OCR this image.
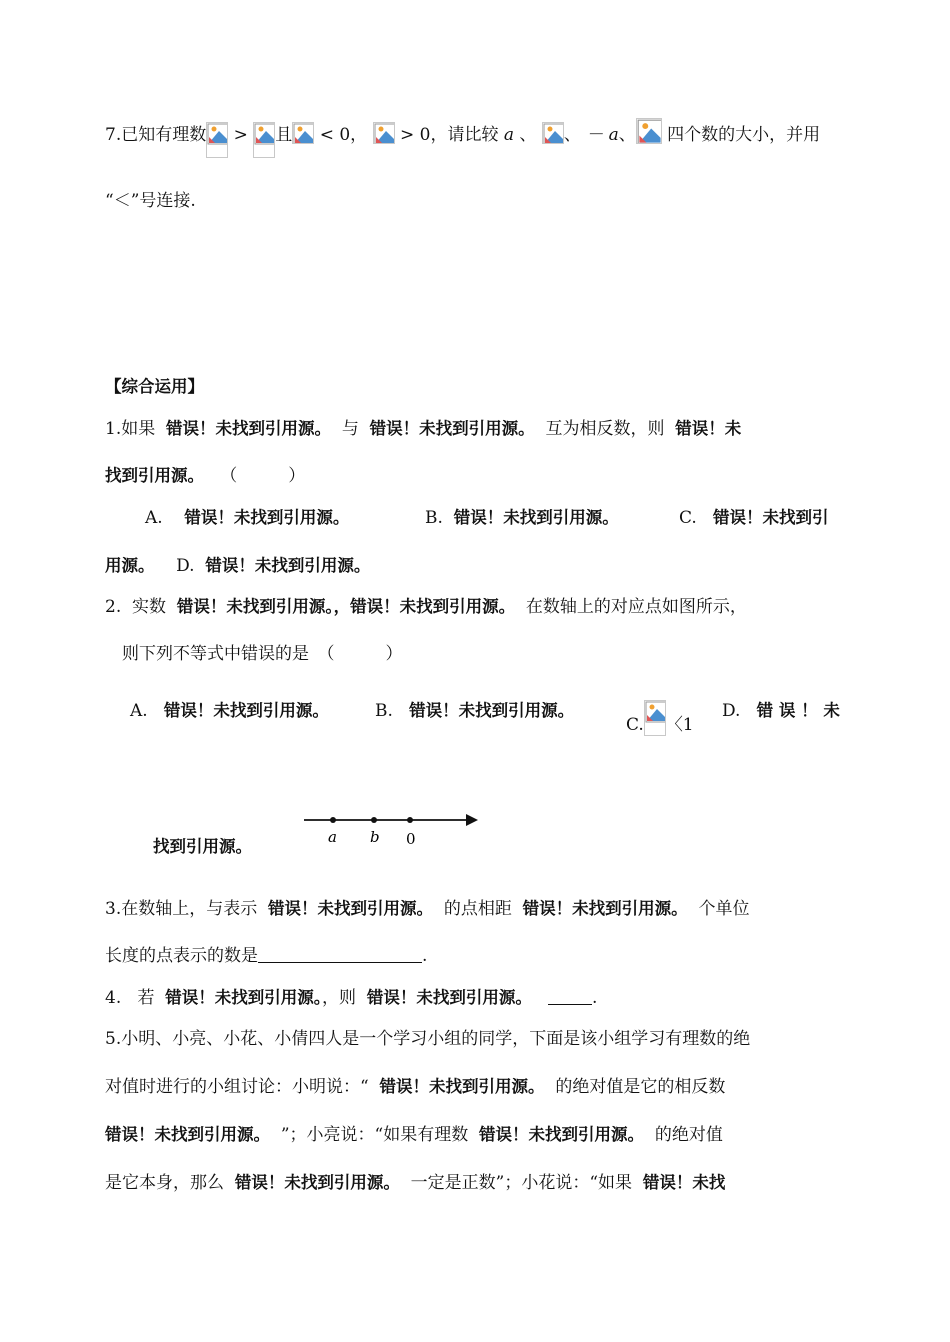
7.已知有理数 > 且 < 0， > 0，请比较 a 、 、 － a、 四个数的大小，并用
“＜”号连接.
【综合运用】
1.如果 错误！未找到引用源。 与 错误！未找到引用源。 互为相反数，则 错误！未
找到引用源。 （　　　）
A. 错误！未找到引用源。	B. 错误！未找到引用源。	C. 错误！未找到引
用源。 D. 错误！未找到引用源。
2. 实数 错误！未找到引用源。，错误！未找到引用源。 在数轴上的对应点如图所示，
则下列不等式中错误的是　（　　　）
A. 错误！未找到引用源。	B. 错误！未找到引用源。
C. 〈1
D. 错 误 ！ 未
找到引用源。	a b 0
3.在数轴上，与表示 错误！未找到引用源。 的点相距 错误！未找到引用源。 个单位
长度的点表示的数是	.
4. 若 错误！未找到引用源。，则 错误！未找到引用源。	.
5.小明、小亮、小花、小倩四人是一个学习小组的同学，下面是该小组学习有理数的绝
对值时进行的小组讨论：小明说：“ 错误！未找到引用源。 的绝对值是它的相反数
错误！未找到引用源。 ”；小亮说：“如果有理数 错误！未找到引用源。 的绝对值
是它本身，那么 错误！未找到引用源。 一定是正数”；小花说：“如果 错误！未找
